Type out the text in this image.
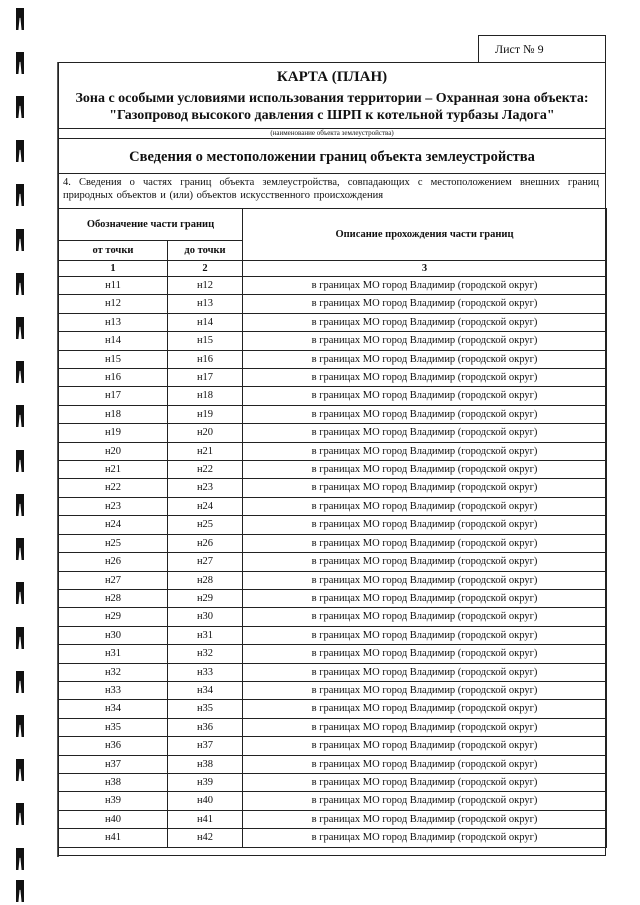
Лист № 9
КАРТА (ПЛАН)
Зона с особыми условиями использования территории – Охранная зона объекта:
"Газопровод высокого давления с ШРП к котельной турбазы Ладога"
(наименование объекта землеустройства)
Сведения о местоположении границ объекта землеустройства
4. Сведения о частях границ объекта землеустройства, совпадающих с местоположением внешних границ природных объектов и (или) объектов искусственного происхождения
Обозначение части границ		Описание прохождения части границ
от точки	до точки	
1	2	3
н11	н12	в границах МО город Владимир (городской округ)
н12	н13	в границах МО город Владимир (городской округ)
н13	н14	в границах МО город Владимир (городской округ)
н14	н15	в границах МО город Владимир (городской округ)
н15	н16	в границах МО город Владимир (городской округ)
н16	н17	в границах МО город Владимир (городской округ)
н17	н18	в границах МО город Владимир (городской округ)
н18	н19	в границах МО город Владимир (городской округ)
н19	н20	в границах МО город Владимир (городской округ)
н20	н21	в границах МО город Владимир (городской округ)
н21	н22	в границах МО город Владимир (городской округ)
н22	н23	в границах МО город Владимир (городской округ)
н23	н24	в границах МО город Владимир (городской округ)
н24	н25	в границах МО город Владимир (городской округ)
н25	н26	в границах МО город Владимир (городской округ)
н26	н27	в границах МО город Владимир (городской округ)
н27	н28	в границах МО город Владимир (городской округ)
н28	н29	в границах МО город Владимир (городской округ)
н29	н30	в границах МО город Владимир (городской округ)
н30	н31	в границах МО город Владимир (городской округ)
н31	н32	в границах МО город Владимир (городской округ)
н32	н33	в границах МО город Владимир (городской округ)
н33	н34	в границах МО город Владимир (городской округ)
н34	н35	в границах МО город Владимир (городской округ)
н35	н36	в границах МО город Владимир (городской округ)
н36	н37	в границах МО город Владимир (городской округ)
н37	н38	в границах МО город Владимир (городской округ)
н38	н39	в границах МО город Владимир (городской округ)
н39	н40	в границах МО город Владимир (городской округ)
н40	н41	в границах МО город Владимир (городской округ)
н41	н42	в границах МО город Владимир (городской округ)
